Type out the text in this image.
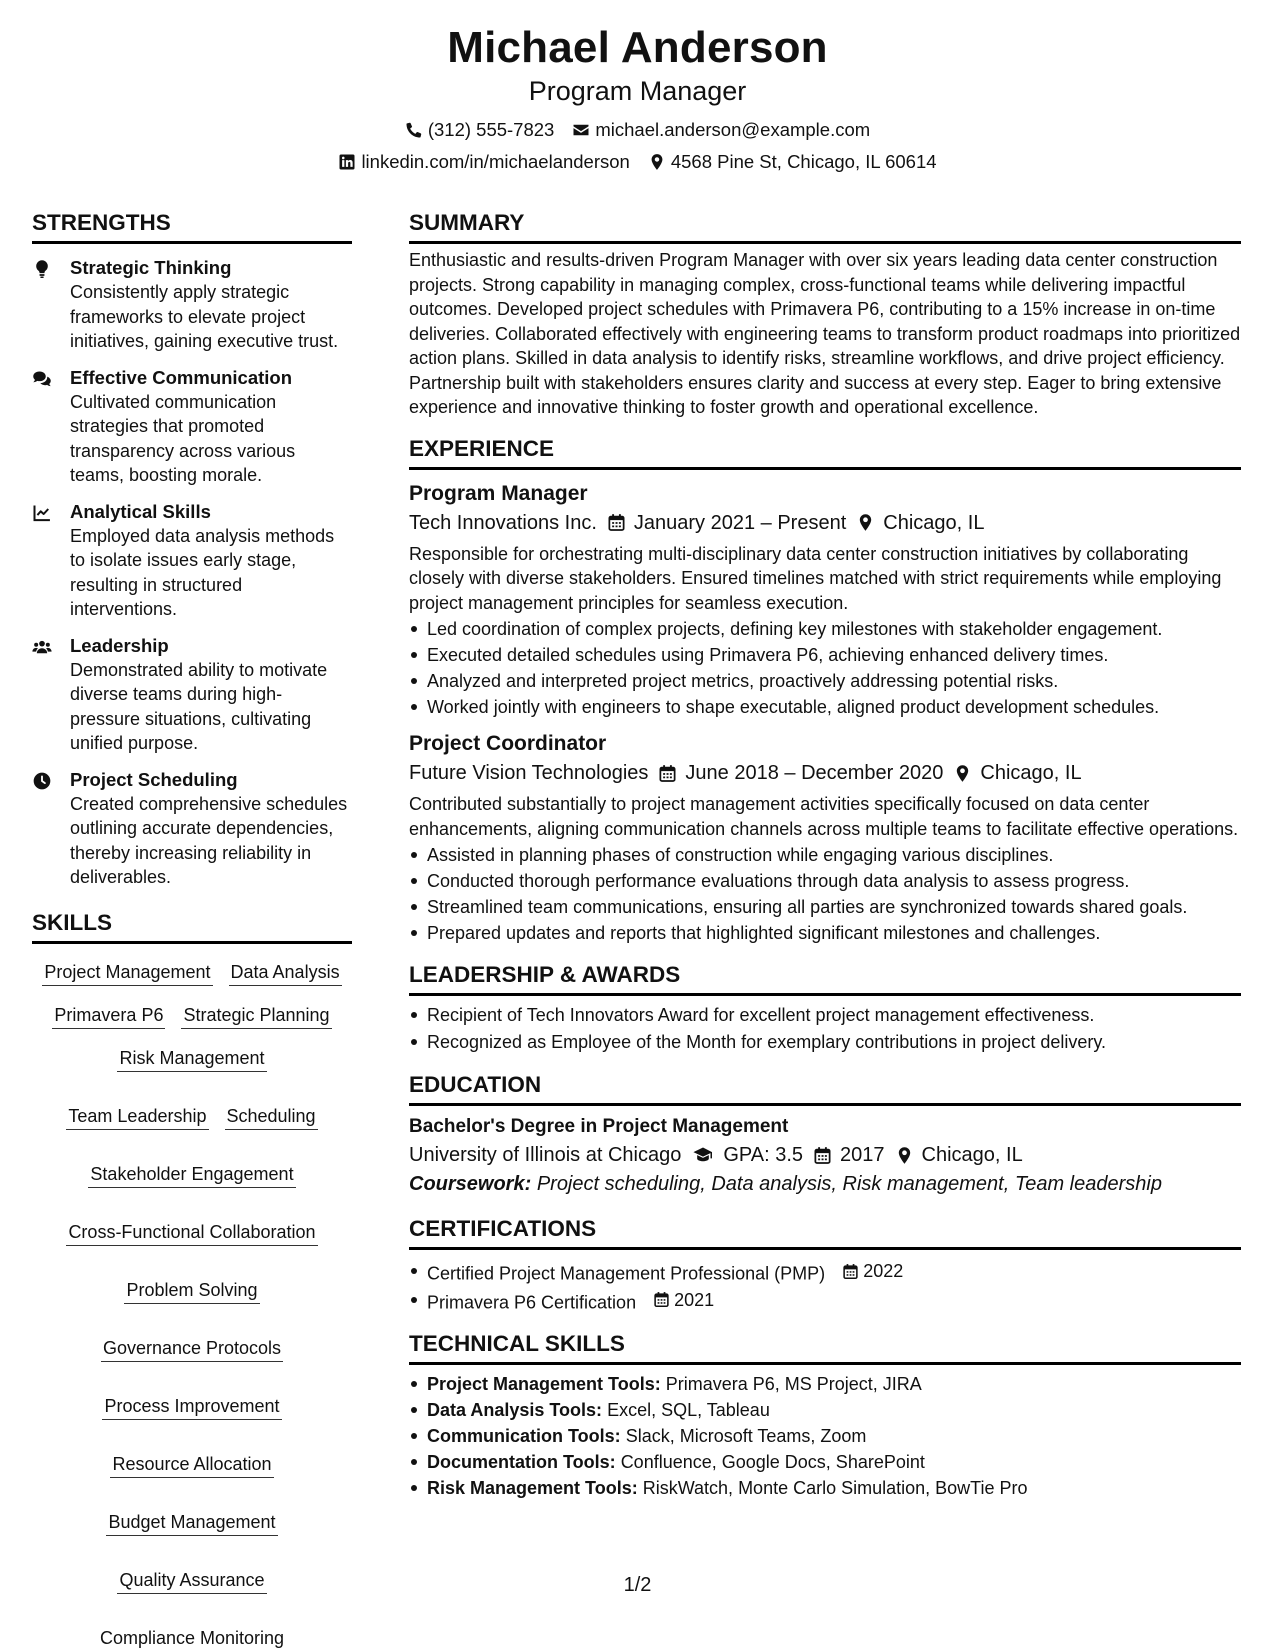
Michael Anderson
Program Manager
(312) 555-7823 michael.anderson@example.com
linkedin.com/in/michaelanderson 4568 Pine St, Chicago, IL 60614
STRENGTHS
Strategic Thinking
Consistently apply strategic frameworks to elevate project initiatives, gaining executive trust.
Effective Communication
Cultivated communication strategies that promoted transparency across various teams, boosting morale.
Analytical Skills
Employed data analysis methods to isolate issues early stage, resulting in structured interventions.
Leadership
Demonstrated ability to motivate diverse teams during high-pressure situations, cultivating unified purpose.
Project Scheduling
Created comprehensive schedules outlining accurate dependencies, thereby increasing reliability in deliverables.
SKILLS
Project Management Data Analysis
Primavera P6 Strategic Planning
Risk Management
Team Leadership Scheduling
Stakeholder Engagement
Cross-Functional Collaboration
Problem Solving
Governance Protocols
Process Improvement
Resource Allocation
Budget Management
Quality Assurance
Compliance Monitoring
SUMMARY
Enthusiastic and results-driven Program Manager with over six years leading data center construction projects. Strong capability in managing complex, cross-functional teams while delivering impactful outcomes. Developed project schedules with Primavera P6, contributing to a 15% increase in on-time deliveries. Collaborated effectively with engineering teams to transform product roadmaps into prioritized action plans. Skilled in data analysis to identify risks, streamline workflows, and drive project efficiency. Partnership built with stakeholders ensures clarity and success at every step. Eager to bring extensive experience and innovative thinking to foster growth and operational excellence.
EXPERIENCE
Program Manager
Tech Innovations Inc. January 2021 – Present Chicago, IL
Responsible for orchestrating multi-disciplinary data center construction initiatives by collaborating closely with diverse stakeholders. Ensured timelines matched with strict requirements while employing project management principles for seamless execution.
Led coordination of complex projects, defining key milestones with stakeholder engagement.
Executed detailed schedules using Primavera P6, achieving enhanced delivery times.
Analyzed and interpreted project metrics, proactively addressing potential risks.
Worked jointly with engineers to shape executable, aligned product development schedules.
Project Coordinator
Future Vision Technologies June 2018 – December 2020 Chicago, IL
Contributed substantially to project management activities specifically focused on data center enhancements, aligning communication channels across multiple teams to facilitate effective operations.
Assisted in planning phases of construction while engaging various disciplines.
Conducted thorough performance evaluations through data analysis to assess progress.
Streamlined team communications, ensuring all parties are synchronized towards shared goals.
Prepared updates and reports that highlighted significant milestones and challenges.
LEADERSHIP & AWARDS
Recipient of Tech Innovators Award for excellent project management effectiveness.
Recognized as Employee of the Month for exemplary contributions in project delivery.
EDUCATION
Bachelor's Degree in Project Management
University of Illinois at Chicago GPA: 3.5 2017 Chicago, IL
Coursework: Project scheduling, Data analysis, Risk management, Team leadership
CERTIFICATIONS
Certified Project Management Professional (PMP) 2022
Primavera P6 Certification 2021
TECHNICAL SKILLS
Project Management Tools: Primavera P6, MS Project, JIRA
Data Analysis Tools: Excel, SQL, Tableau
Communication Tools: Slack, Microsoft Teams, Zoom
Documentation Tools: Confluence, Google Docs, SharePoint
Risk Management Tools: RiskWatch, Monte Carlo Simulation, BowTie Pro
1/2
